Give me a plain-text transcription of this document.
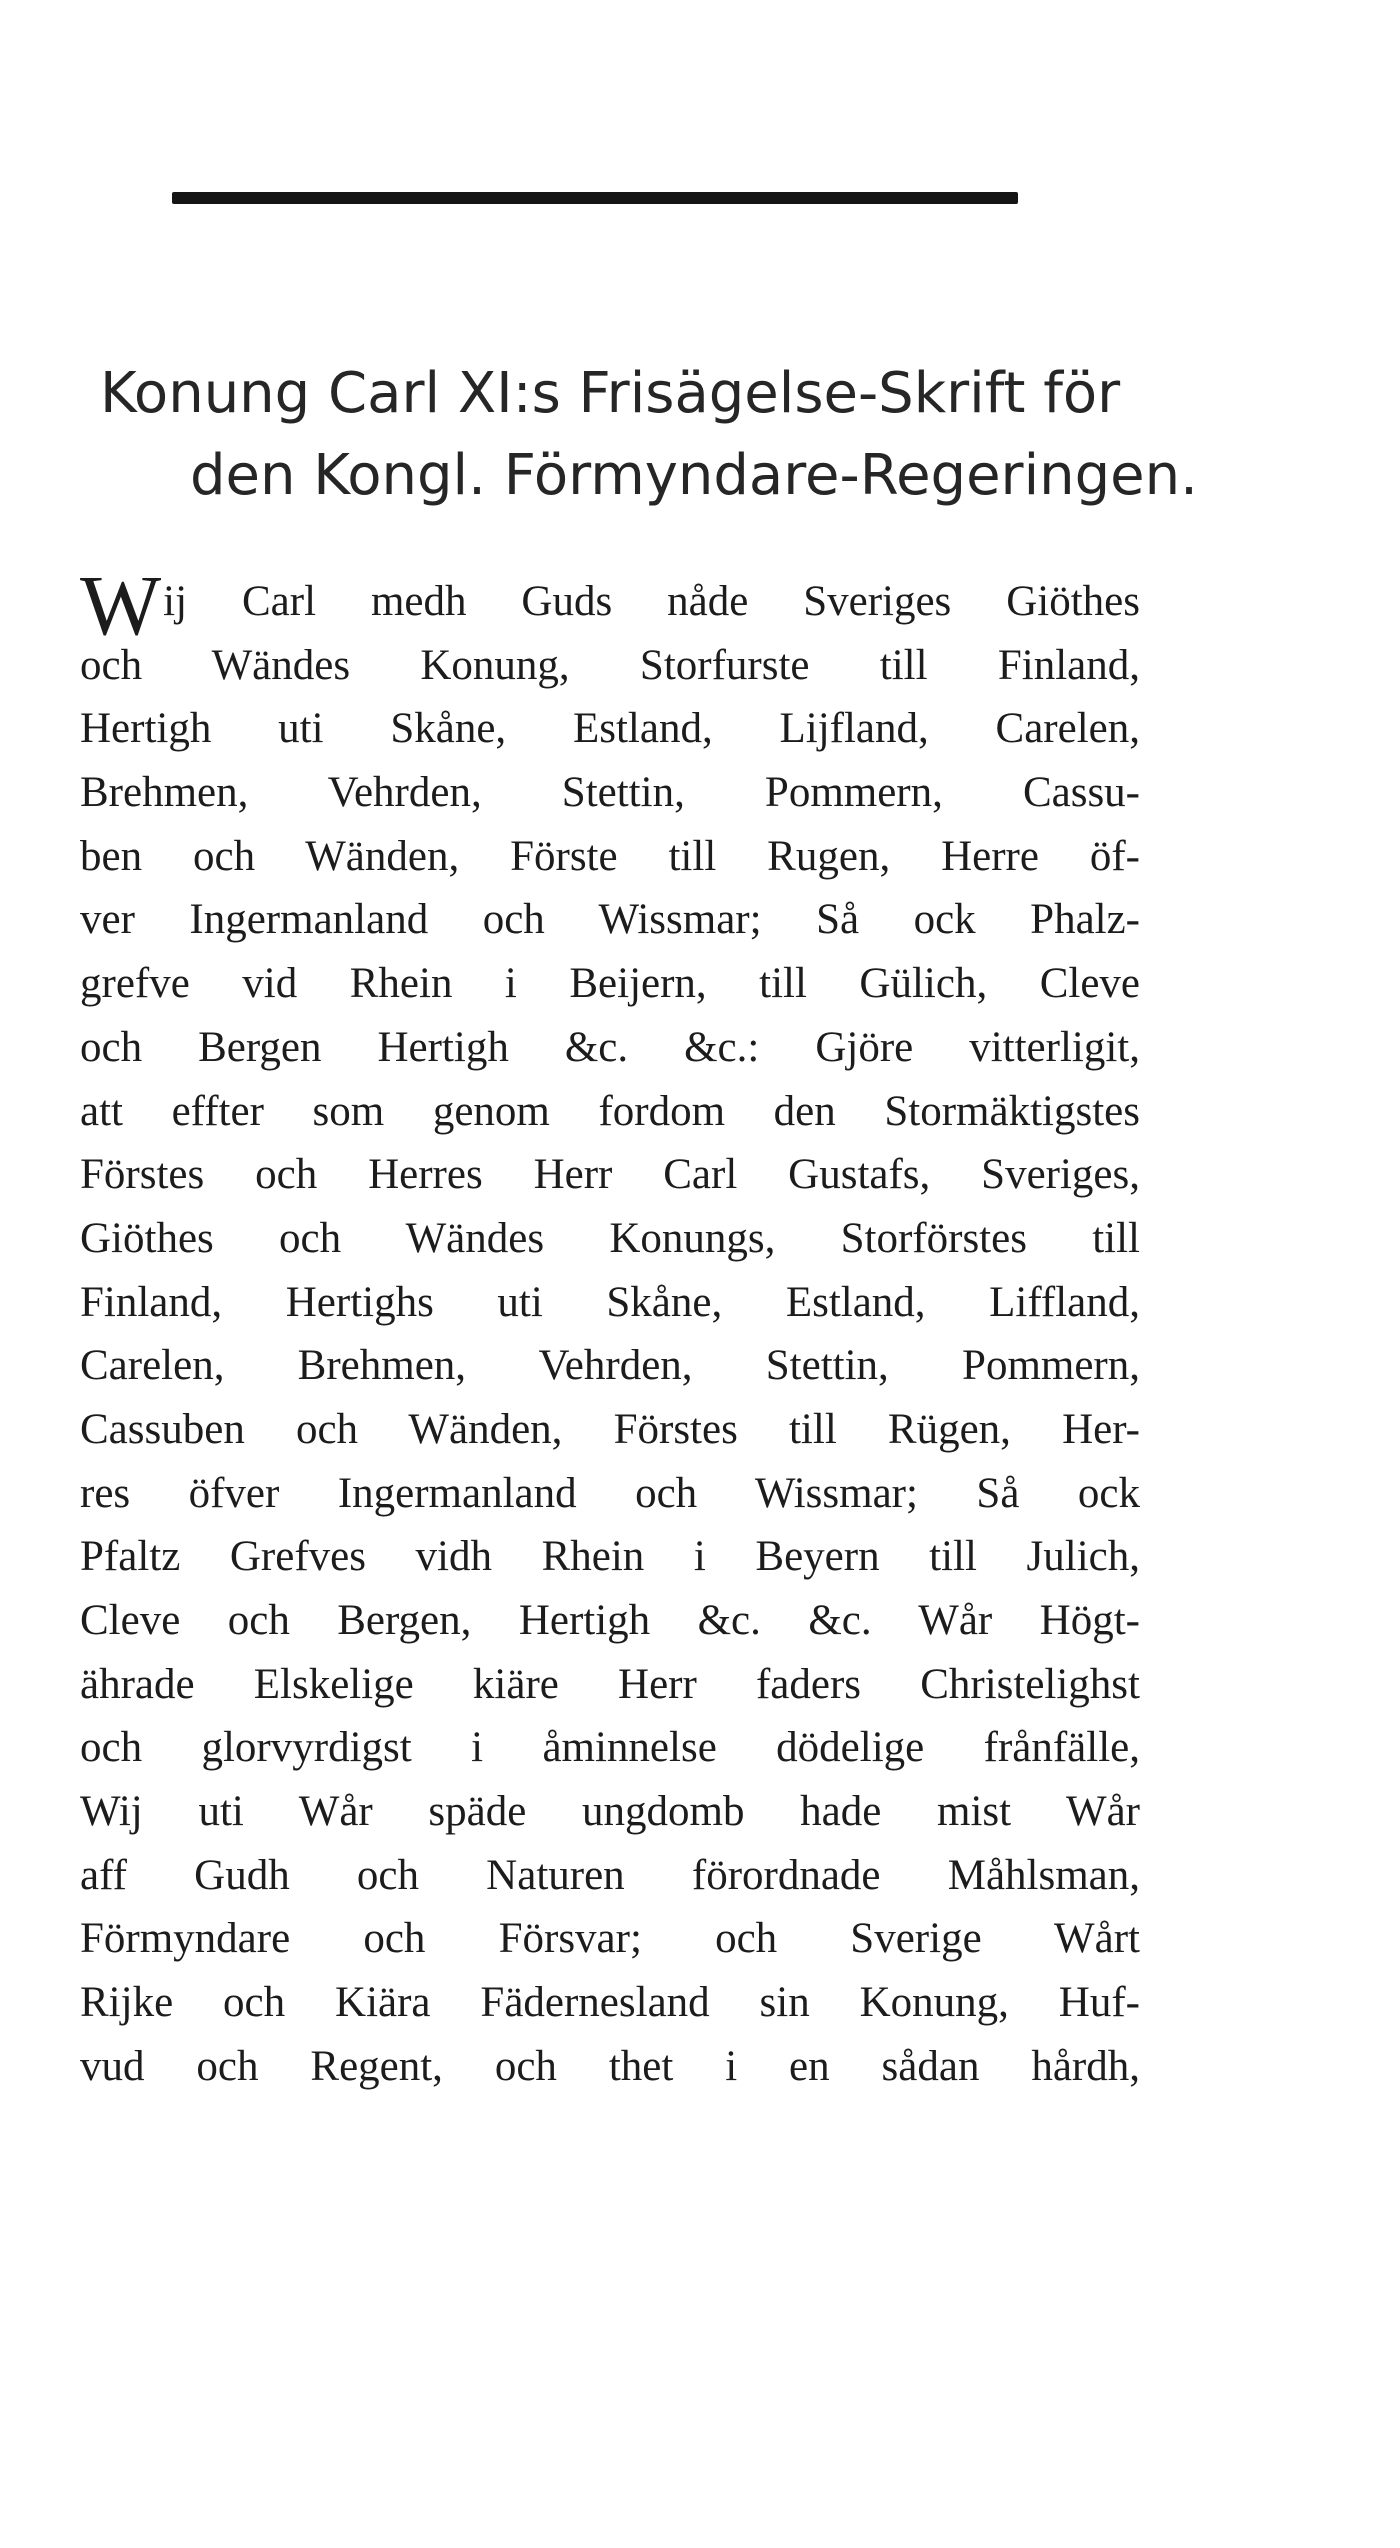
Konung Carl XI:s Frisägelse-Skrift för
den Kongl. Förmyndare-Regeringen.
W ij Carl medh Guds nåde Sveriges Giöthes
och Wändes Konung, Storfurste till Finland,
Hertigh uti Skåne, Estland, Lijfland, Carelen,
Brehmen, Vehrden, Stettin, Pommern, Cassu-
ben och Wänden, Förste till Rugen, Herre öf-
ver Ingermanland och Wissmar; Så ock Phalz-
grefve vid Rhein i Beijern, till Gülich, Cleve
och Bergen Hertigh &c. &c.: Gjöre vitterligit,
att effter som genom fordom den Stormäktigstes
Förstes och Herres Herr Carl Gustafs, Sveriges,
Giöthes och Wändes Konungs, Storförstes till
Finland, Hertighs uti Skåne, Estland, Liffland,
Carelen, Brehmen, Vehrden, Stettin, Pommern,
Cassuben och Wänden, Förstes till Rügen, Her-
res öfver Ingermanland och Wissmar; Så ock
Pfaltz Grefves vidh Rhein i Beyern till Julich,
Cleve och Bergen, Hertigh &c. &c. Wår Högt-
ährade Elskelige kiäre Herr faders Christelighst
och glorvyrdigst i åminnelse dödelige frånfälle,
Wij uti Wår späde ungdomb hade mist Wår
aff Gudh och Naturen förordnade Måhlsman,
Förmyndare och Försvar; och Sverige Wårt
Rijke och Kiära Fädernesland sin Konung, Huf-
vud och Regent, och thet i en sådan hårdh,
